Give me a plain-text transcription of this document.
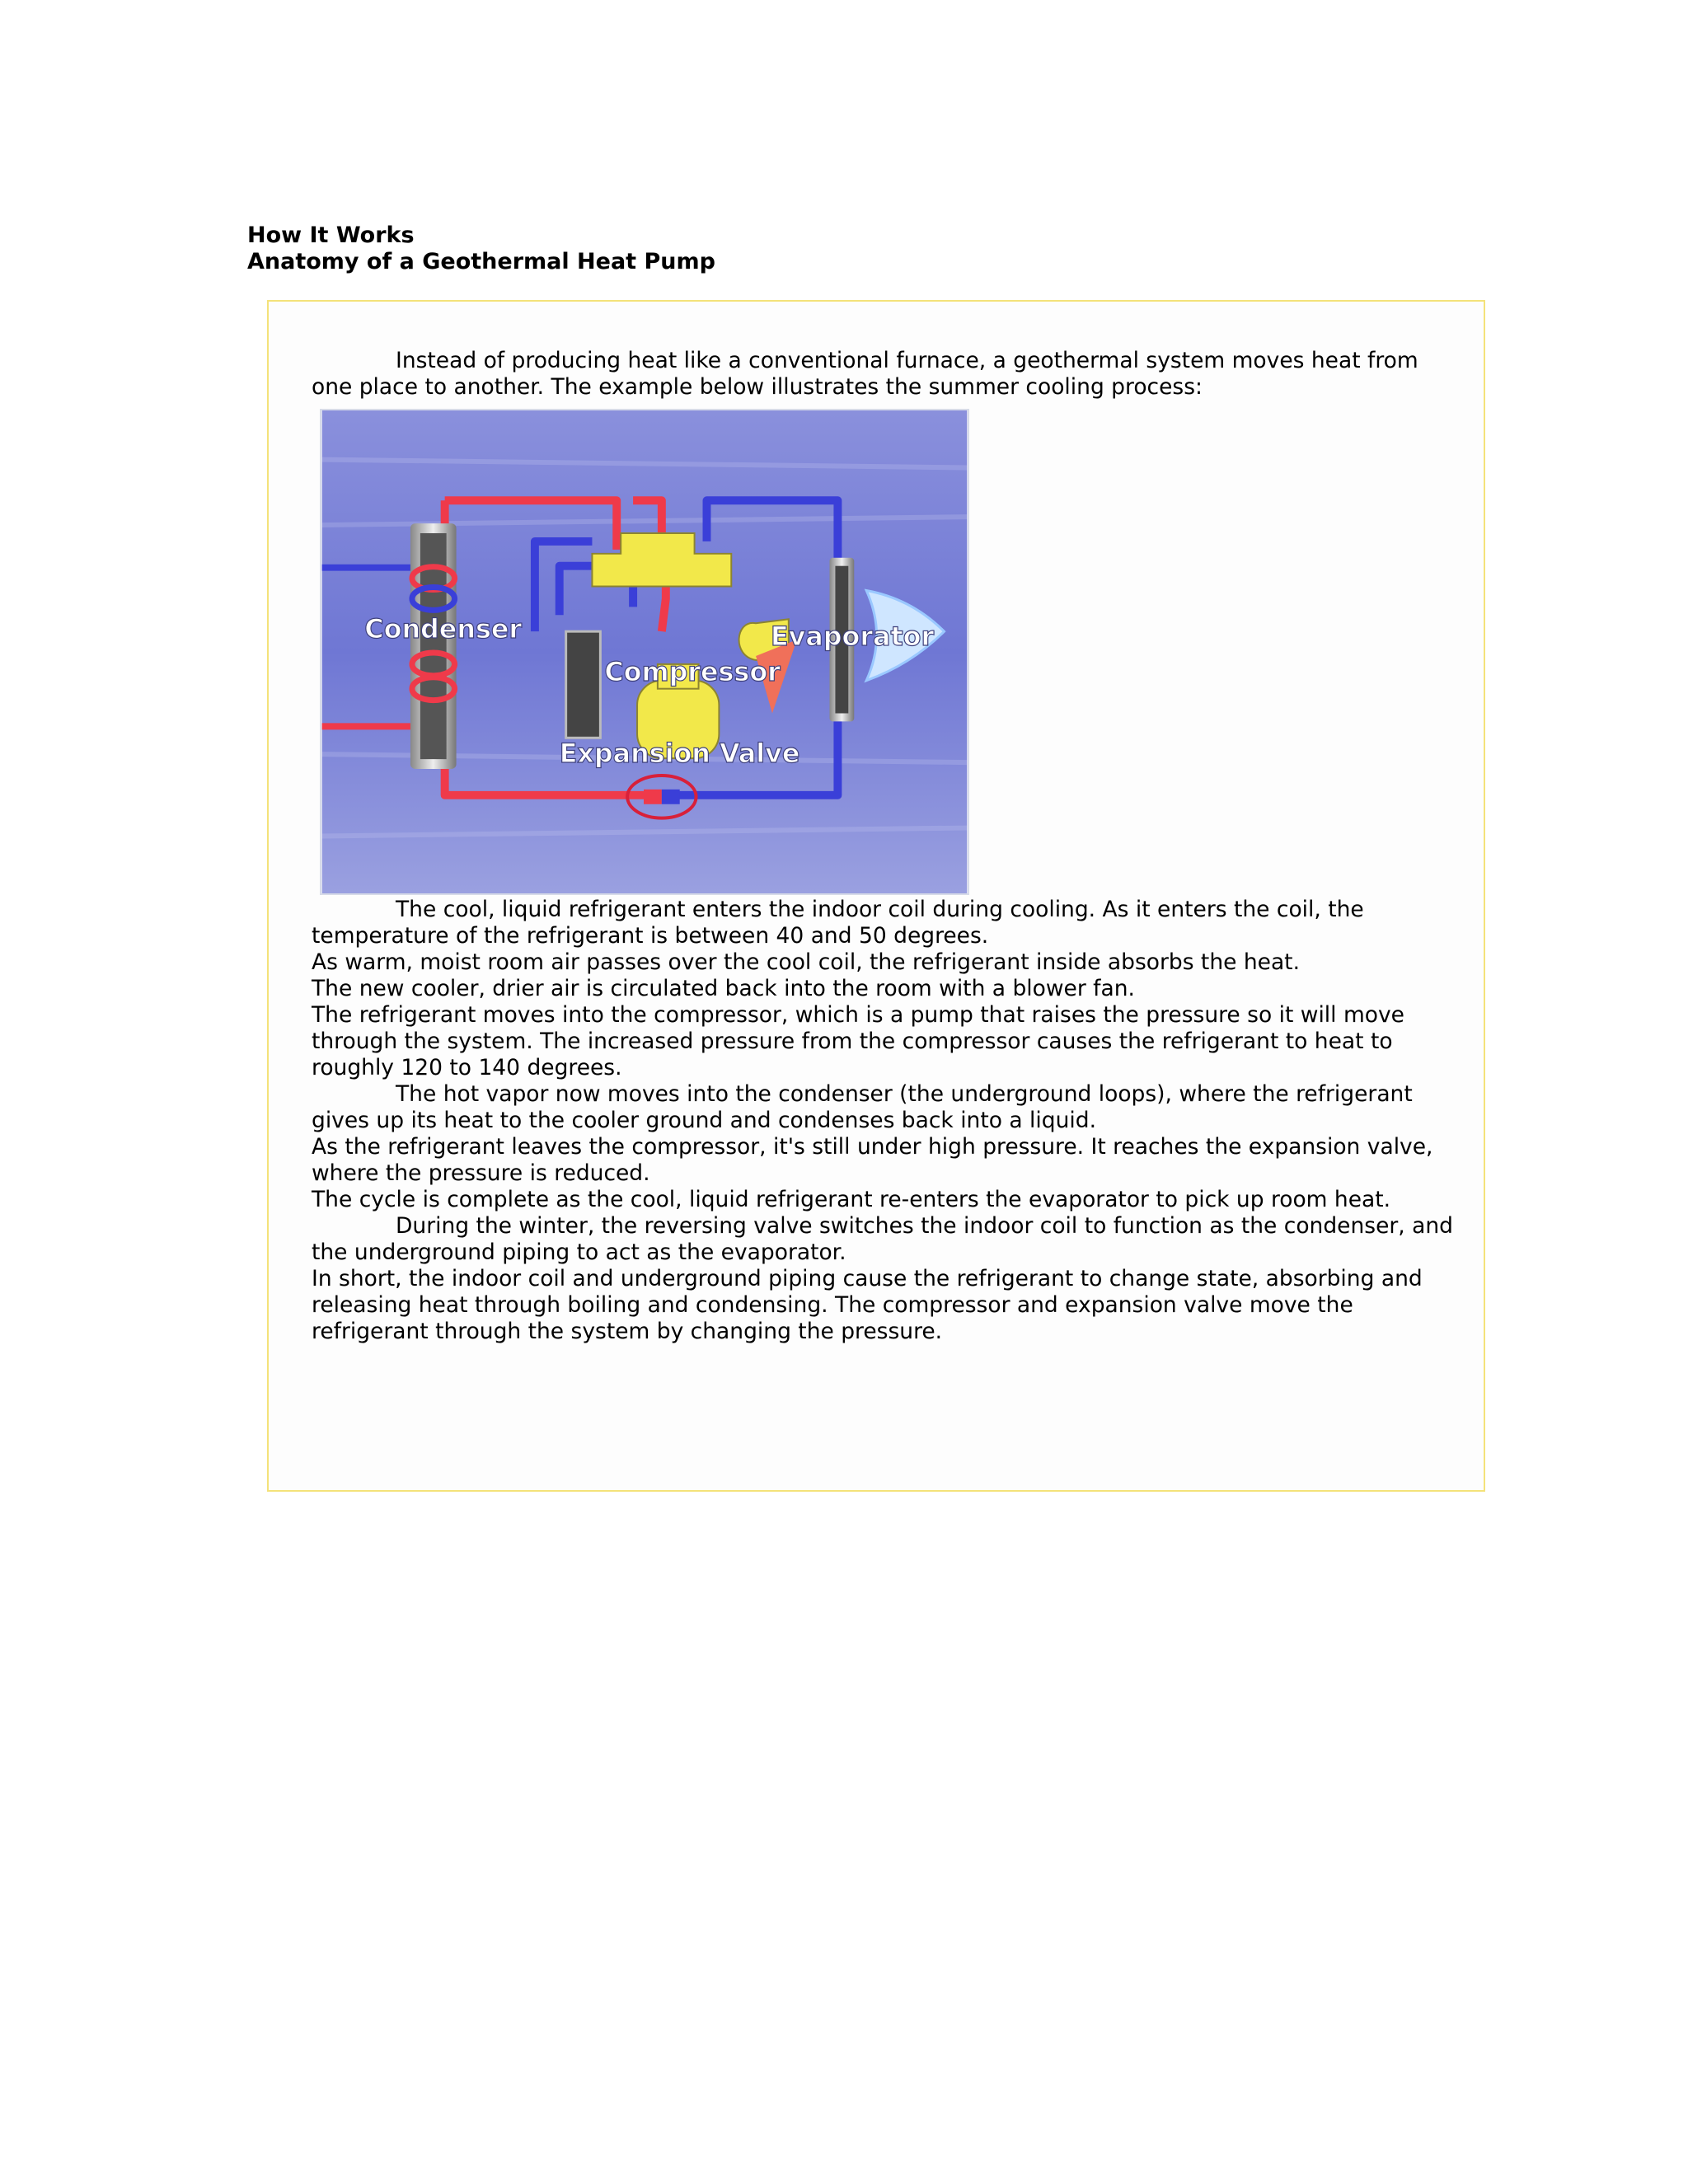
How It Works
Anatomy of a Geothermal Heat Pump

Instead of producing heat like a conventional furnace, a geothermal system moves heat from one place to another. The example below illustrates the summer cooling process:

Condenser
Compressor
Expansion Valve
Evaporator

The cool, liquid refrigerant enters the indoor coil during cooling. As it enters the coil, the temperature of the refrigerant is between 40 and 50 degrees.

As warm, moist room air passes over the cool coil, the refrigerant inside absorbs the heat.

The new cooler, drier air is circulated back into the room with a blower fan.

The refrigerant moves into the compressor, which is a pump that raises the pressure so it will move through the system. The increased pressure from the compressor causes the refrigerant to heat to roughly 120 to 140 degrees.

The hot vapor now moves into the condenser (the underground loops), where the refrigerant gives up its heat to the cooler ground and condenses back into a liquid.

As the refrigerant leaves the compressor, it's still under high pressure. It reaches the expansion valve, where the pressure is reduced.

The cycle is complete as the cool, liquid refrigerant re-enters the evaporator to pick up room heat.

During the winter, the reversing valve switches the indoor coil to function as the condenser, and the underground piping to act as the evaporator.

In short, the indoor coil and underground piping cause the refrigerant to change state, absorbing and releasing heat through boiling and condensing. The compressor and expansion valve move the refrigerant through the system by changing the pressure.
